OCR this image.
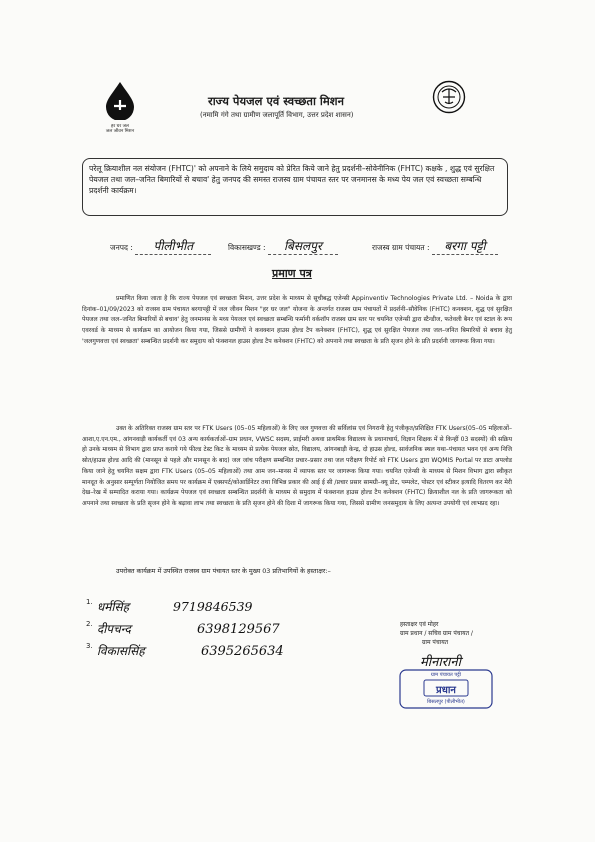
हर घर जल
जल जीवन मिशन
राज्य पेयजल एवं स्वच्छता मिशन
(नमामि गंगे तथा ग्रामीण जलापूर्ति विभाग, उत्तर प्रदेश शासन)
परेलू क्रियाशील नल संयोजन (FHTC)' को अपनाने के लिये समुदाय को प्रेरित किये जाने हेतु प्रदर्शनी–सोवेनीनिक (FHTC) कक्षके , शुद्ध एवं सुरक्षित पेयजल तथा जल–जनित बिमारियों से बचाव' हेतु जनपद की समस्त राजस्व ग्राम पंचायत स्तर पर जनमानस के मध्य पेय जल एवं स्वच्छता सम्बन्धि प्रदर्शनी कार्यक्रम।
जनपद : पीलीभीत	विकासखण्ड : बिसलपुर	राजस्व ग्राम पंचायत : बरगा पट्टी
प्रमाण पत्र
प्रमाणित किया जाता है कि राज्य पेयजल एवं स्वच्छता मिशन, उत्तर प्रदेश के माध्यम से सूचीबद्ध एजेन्सी Appinventiv Technologies Private Ltd. – Noida के द्वारा दिनांक–01/09/2023 को राजस्व ग्राम पंचायत बरगापट्टी में जल जीवन मिशन "हर घर जल" योजना के अन्तर्गत राजस्व ग्राम पंचायतों में प्रदर्शनी–सौवेनिक (FHTC) कनक्शन, शुद्ध एवं सुरक्षित पेयजल तथा जल–जनित बिमारियों से बचाव' हेतु जनमानस के मध्य पेयजल एवं स्वच्छता सम्बन्धि फर्मानी वर्कशॉप राजस्व ग्राम स्तर पर चयनित एजेन्सी द्वारा स्टैन्डीज, फतेवली बैनर एवं स्टाल के रूप एवरवर्ड के माध्यम से कार्यक्रम का आयोजन किया गया, जिससे ग्रामीणों ने कवक्शन हाउस होल्ड टैप कनेक्शन (FHTC), शुद्ध एवं सुरक्षित पेयजल तथा जल–जनित बिमारियों से बचाव हेतु 'जलगुणवत्ता एवं स्वच्छता' सम्बन्धित प्रदर्शनी कर समुदाय को फंक्शनल हाउस होल्ड टैप कनेक्शन (FHTC) को अपनाने तथा स्वच्छता के प्रति सृजन होने के प्रति प्रदर्शनी जागरूक किया गया।
उक्त के अतिरिक्त राजस्व ग्राम स्तर पर FTK Users (05–05 महिलाओं) के लिए जल गुणवत्ता की सर्विलांस एवं निगरानी हेतु पंजीकृत/प्रशिक्षित FTK Users(05–05 महिलाओं–आशा,ए.एन.एम., आंगनवाड़ी कार्यकर्ती एवं 03 अन्य कार्यकर्ताओं–ग्राम प्रधान, VWSC सदस्य, प्राईमरी अथवा प्राथमिक विद्यालय के प्रधानाचार्य, विज्ञान शिक्षक में से किन्हीं 03 सदस्यों) की सक्रिय हो उनके माध्यम से विभाग द्वारा प्राप्त कराये गये फील्ड टेस्ट किट के माध्यम से प्रत्येक पेयजल स्रोत, विद्यालय, आंगनबाड़ी केन्द्र, दो हाउस होल्ड, सार्वजनिक स्थल यथा–पंचायत भवन एवं अन्य निजि स्रोत/हाउस होल्ड आदि की (मानसून से पहले और मानसून के बाद) जल जांच परीक्षण सम्बन्धित प्रचार–प्रसार तथा जल परीक्षण रिपोर्ट को FTK Users द्वारा WQMIS Portal पर डाटा अपलोड किया जाने हेतु चयनित सक्षम द्वारा FTK Users (05–05 महिलाओं) तथा आम जन–मानस में व्यापक स्तर पर जागरूक किया गया। चयनित एजेन्सी के माध्यम से मिशन विभाग द्वारा स्वीकृत मानदूत के अनुसार सम्पूर्णता नियोजित समय पर कार्यक्रम में एक्सपर्ट/कोआर्डिनेटर तथा विभिन्न प्रकार की आई ई सी /प्रचार प्रसार सामग्री–क्यू डोट, पम्पलेट, पोस्टर एवं स्टीकर इत्यादि वितरण कर मेरी देख–रेख में सम्पादित कराया गया। कार्यक्रम पेयजल एवं स्वच्छता सम्बन्धित प्रदर्शनी के माध्यम से समुदाय में फंक्शनल हाउस होल्ड टैप कनेक्शन (FHTC) क्रियाशील नल के प्रति जागरूकता को अपनाने तथा स्वच्छता के प्रति सृजन होने के बढ़ावा लाभ तथा स्वच्छता के प्रति सृजन होने की दिशा में जागरूक किया गया, जिससे ग्रामीण जनसमुदाय के लिए अत्यन्त उपयोगी एवं लाभप्रद रहा।
उपरोक्त कार्यक्रम में उपस्थित राजस्व ग्राम पंचायत स्तर के मुख्य 03 प्रतिभागियों के हस्ताक्षर:–
$^{1.}$ धर्मसिंह	9719846539
$^{2.}$ दीपचन्द	6398129567
$^{3.}$ विकाससिंह	6395265634
हस्ताक्षर एवं मोहर
ग्राम प्रधान / सचिव ग्राम पंचायत /
ग्राम पंचायत
मीनारानी
ग्राम पंचायत पट्टी
प्रधान
बिसलपुर (पीलीभीत)
